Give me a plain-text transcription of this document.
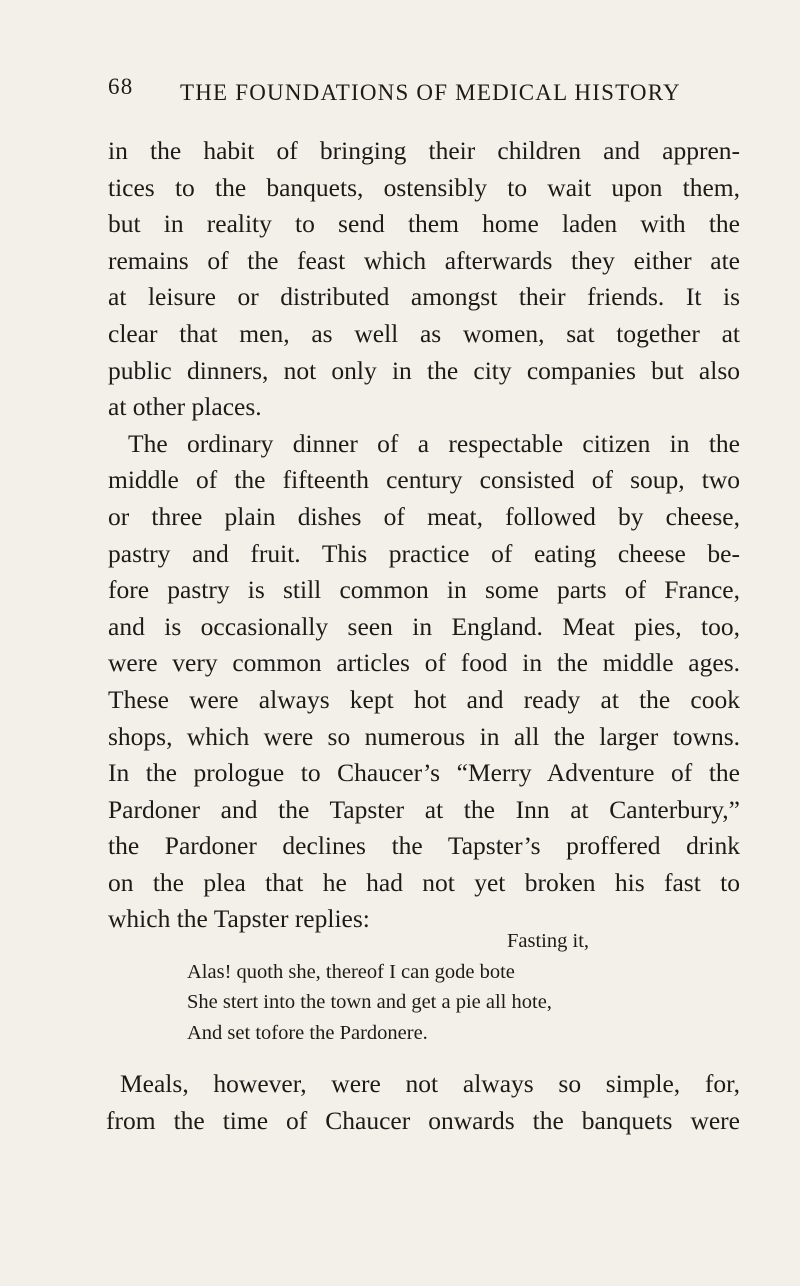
68 THE FOUNDATIONS OF MEDICAL HISTORY
in the habit of bringing their children and appren-
tices to the banquets, ostensibly to wait upon them,
but in reality to send them home laden with the
remains of the feast which afterwards they either ate
at leisure or distributed amongst their friends. It is
clear that men, as well as women, sat together at
public dinners, not only in the city companies but also
at other places.
The ordinary dinner of a respectable citizen in the
middle of the fifteenth century consisted of soup, two
or three plain dishes of meat, followed by cheese,
pastry and fruit. This practice of eating cheese be-
fore pastry is still common in some parts of France,
and is occasionally seen in England. Meat pies, too,
were very common articles of food in the middle ages.
These were always kept hot and ready at the cook
shops, which were so numerous in all the larger towns.
In the prologue to Chaucer’s “Merry Adventure of the
Pardoner and the Tapster at the Inn at Canterbury,”
the Pardoner declines the Tapster’s proffered drink
on the plea that he had not yet broken his fast to
which the Tapster replies:
Fasting it,
Alas! quoth she, thereof I can gode bote
She stert into the town and get a pie all hote,
And set tofore the Pardonere.
Meals, however, were not always so simple, for,
from the time of Chaucer onwards the banquets were
